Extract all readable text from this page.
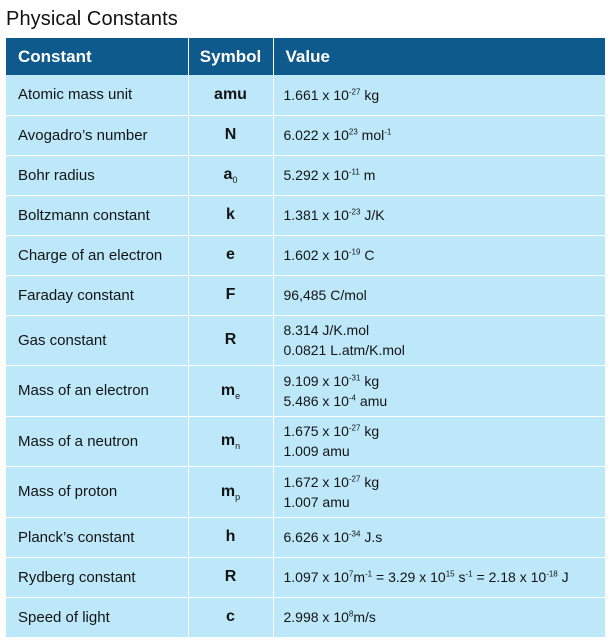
Physical Constants
Constant	Symbol	Value
Atomic mass unit	amu	1.661 x $10^{-27}$ kg

Avogadro’s number	N	6.022 x $10^{23}$ mol$^{-1}$

Bohr radius	$a_0$	5.292 x $10^{-11}$ m

Boltzmann constant	k	1.381 x $10^{-23}$ J/K

Charge of an electron	e	1.602 x $10^{-19}$ C

Faraday constant	F	96,485 C/mol

Gas constant	R	8.314 J/K.mol
0.0821 L.atm/K.mol

Mass of an electron	$m_e$	9.109 x $10^{-31}$ kg
5.486 x $10^{-4}$ amu

Mass of a neutron	$m_n$	1.675 x $10^{-27}$ kg
1.009 amu

Mass of proton	$m_p$	1.672 x $10^{-27}$ kg
1.007 amu

Planck’s constant	h	6.626 x $10^{-34}$ J.s

Rydberg constant	R	1.097 x $10^7m^{-1} = 3.29$ x $10^{15}$ $s^{-1} = 2.18$ x $10^{-18}$ J

Speed of light	c	2.998 x $10^8m/s$
